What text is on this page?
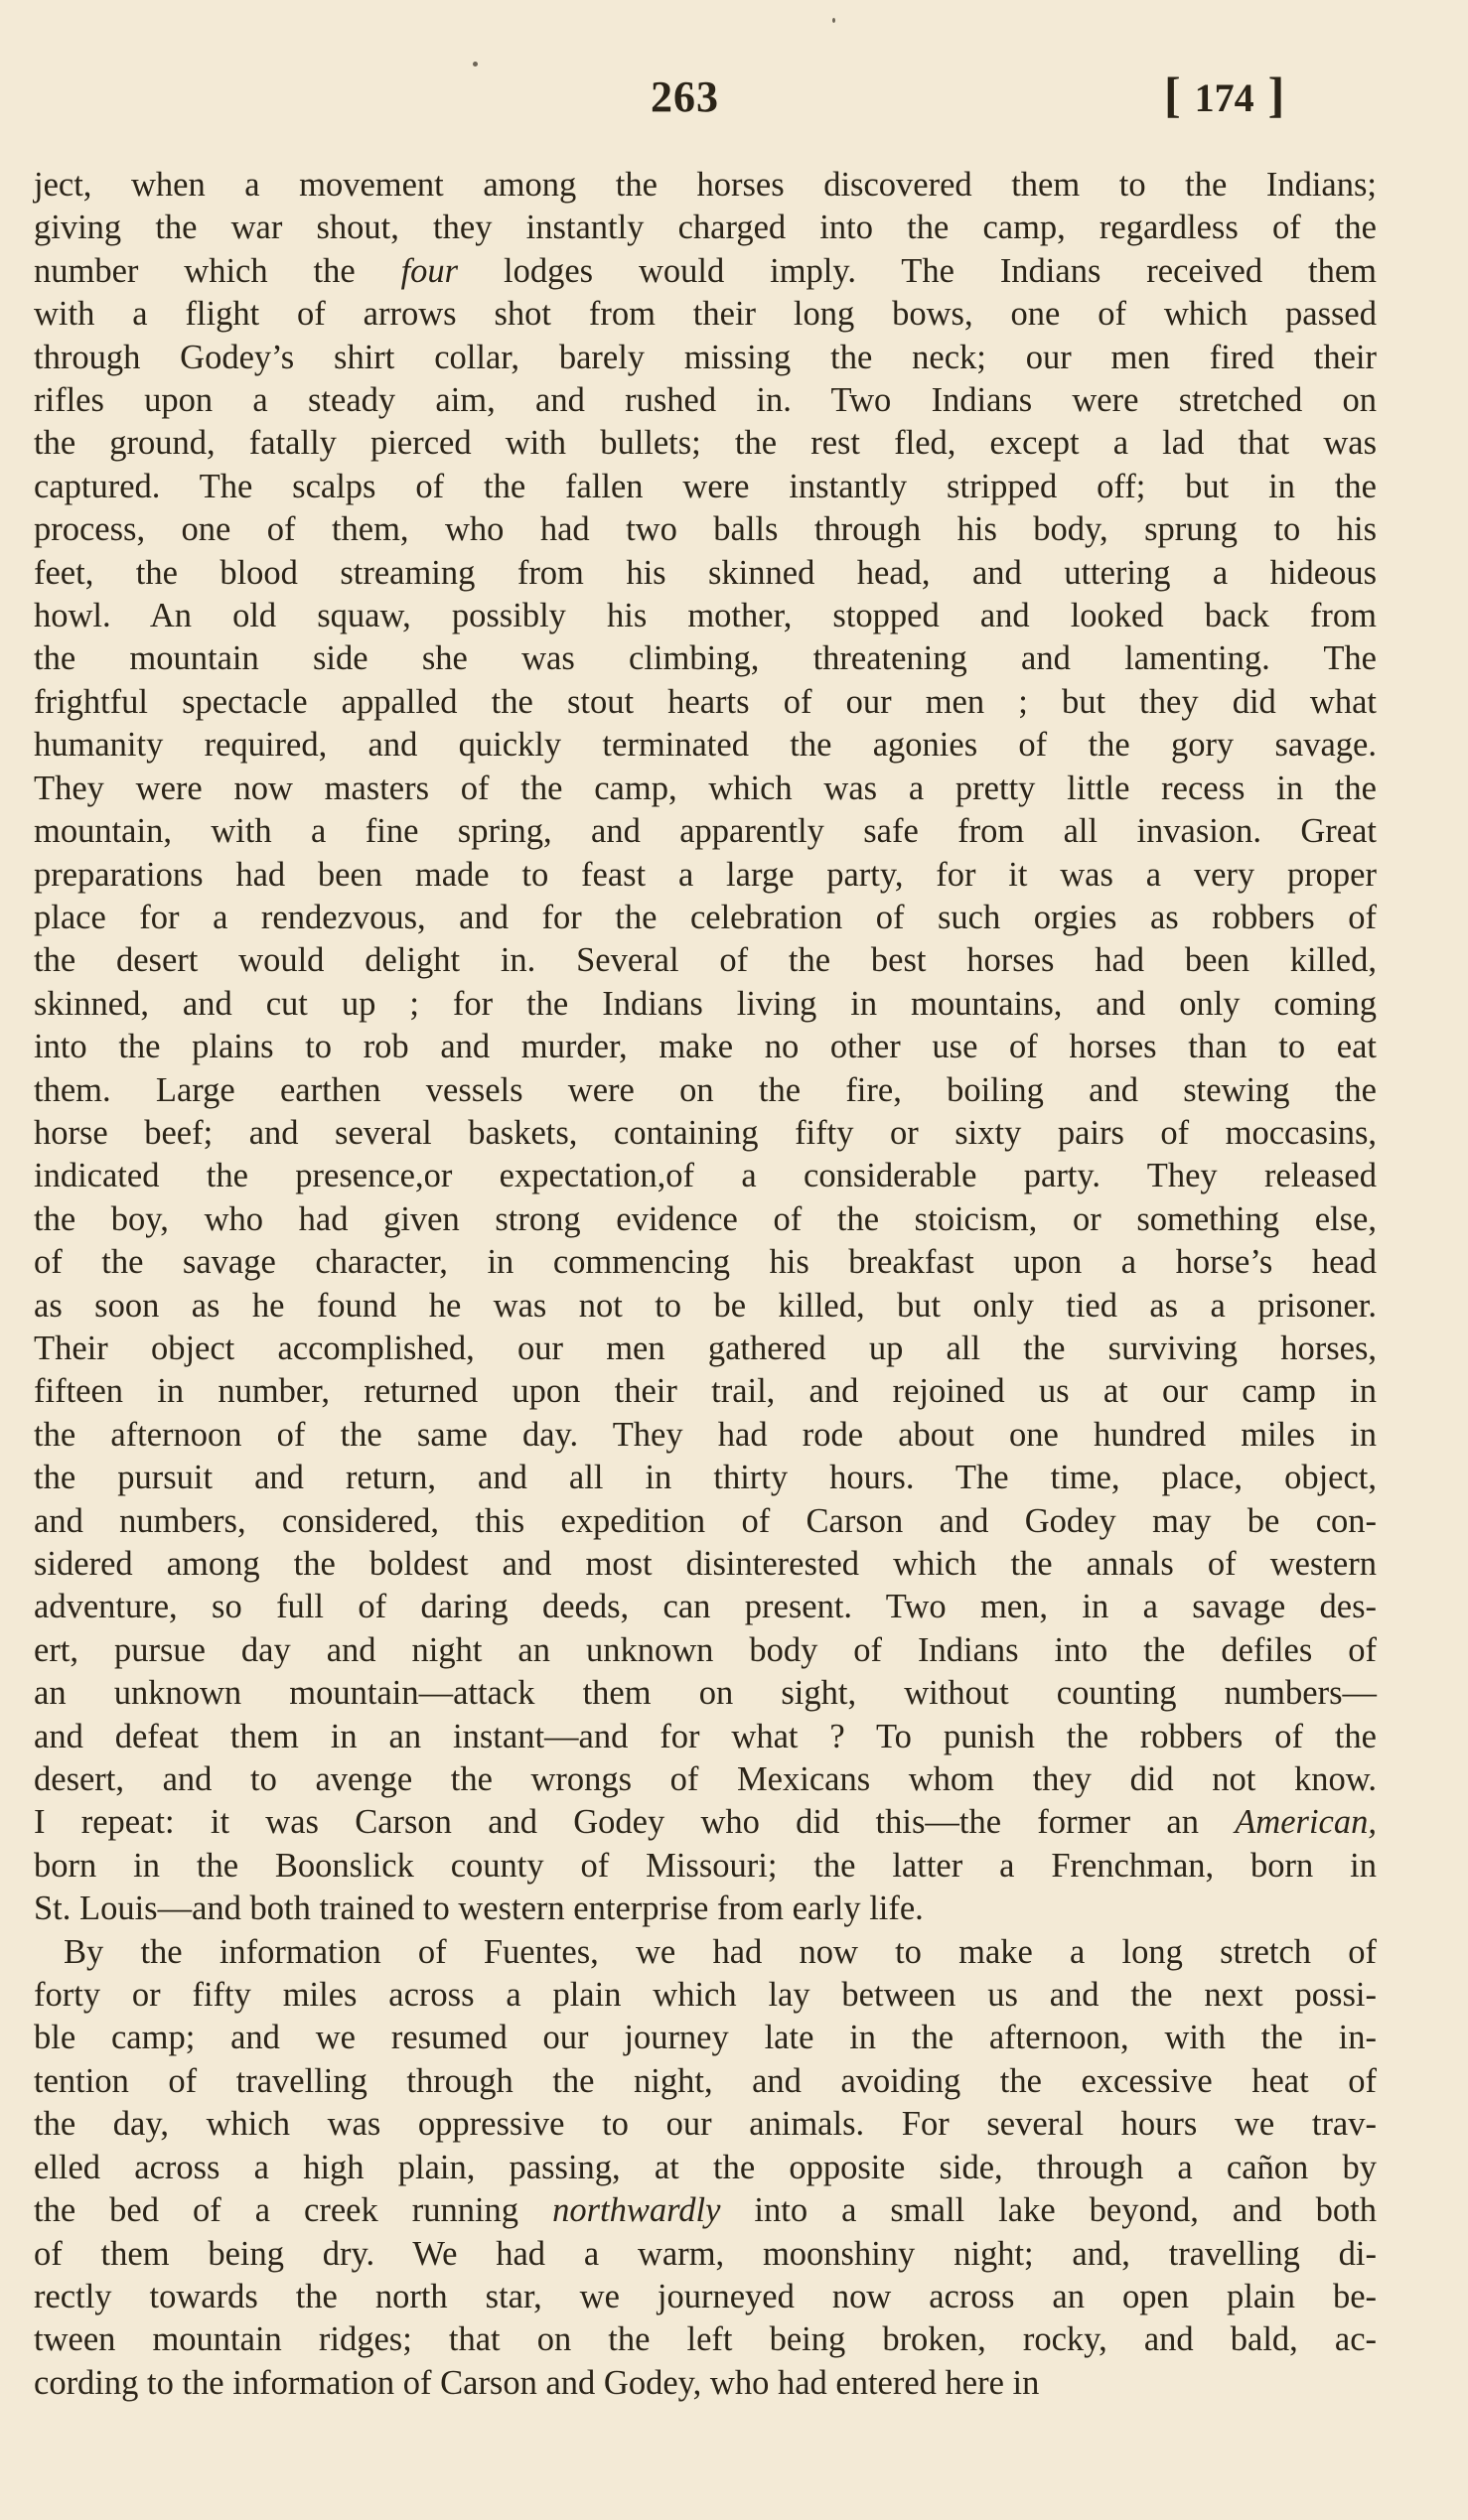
263	[ 174 ]
ject, when a movement among the horses discovered them to the Indians;
giving the war shout, they instantly charged into the camp, regardless of the
number which the four lodges would imply. The Indians received them
with a flight of arrows shot from their long bows, one of which passed
through Godey’s shirt collar, barely missing the neck; our men fired their
rifles upon a steady aim, and rushed in. Two Indians were stretched on
the ground, fatally pierced with bullets; the rest fled, except a lad that was
captured. The scalps of the fallen were instantly stripped off; but in the
process, one of them, who had two balls through his body, sprung to his
feet, the blood streaming from his skinned head, and uttering a hideous
howl. An old squaw, possibly his mother, stopped and looked back from
the mountain side she was climbing, threatening and lamenting. The
frightful spectacle appalled the stout hearts of our men ; but they did what
humanity required, and quickly terminated the agonies of the gory savage.
They were now masters of the camp, which was a pretty little recess in the
mountain, with a fine spring, and apparently safe from all invasion. Great
preparations had been made to feast a large party, for it was a very proper
place for a rendezvous, and for the celebration of such orgies as robbers of
the desert would delight in. Several of the best horses had been killed,
skinned, and cut up ; for the Indians living in mountains, and only coming
into the plains to rob and murder, make no other use of horses than to eat
them. Large earthen vessels were on the fire, boiling and stewing the
horse beef; and several baskets, containing fifty or sixty pairs of moccasins,
indicated the presence,or expectation,of a considerable party. They released
the boy, who had given strong evidence of the stoicism, or something else,
of the savage character, in commencing his breakfast upon a horse’s head
as soon as he found he was not to be killed, but only tied as a prisoner.
Their object accomplished, our men gathered up all the surviving horses,
fifteen in number, returned upon their trail, and rejoined us at our camp in
the afternoon of the same day. They had rode about one hundred miles in
the pursuit and return, and all in thirty hours. The time, place, object,
and numbers, considered, this expedition of Carson and Godey may be con-
sidered among the boldest and most disinterested which the annals of western
adventure, so full of daring deeds, can present. Two men, in a savage des-
ert, pursue day and night an unknown body of Indians into the defiles of
an unknown mountain—attack them on sight, without counting numbers—
and defeat them in an instant—and for what ? To punish the robbers of the
desert, and to avenge the wrongs of Mexicans whom they did not know.
I repeat: it was Carson and Godey who did this—the former an American,
born in the Boonslick county of Missouri; the latter a Frenchman, born in
St. Louis—and both trained to western enterprise from early life.
By the information of Fuentes, we had now to make a long stretch of
forty or fifty miles across a plain which lay between us and the next possi-
ble camp; and we resumed our journey late in the afternoon, with the in-
tention of travelling through the night, and avoiding the excessive heat of
the day, which was oppressive to our animals. For several hours we trav-
elled across a high plain, passing, at the opposite side, through a cañon by
the bed of a creek running northwardly into a small lake beyond, and both
of them being dry. We had a warm, moonshiny night; and, travelling di-
rectly towards the north star, we journeyed now across an open plain be-
tween mountain ridges; that on the left being broken, rocky, and bald, ac-
cording to the information of Carson and Godey, who had entered here in
